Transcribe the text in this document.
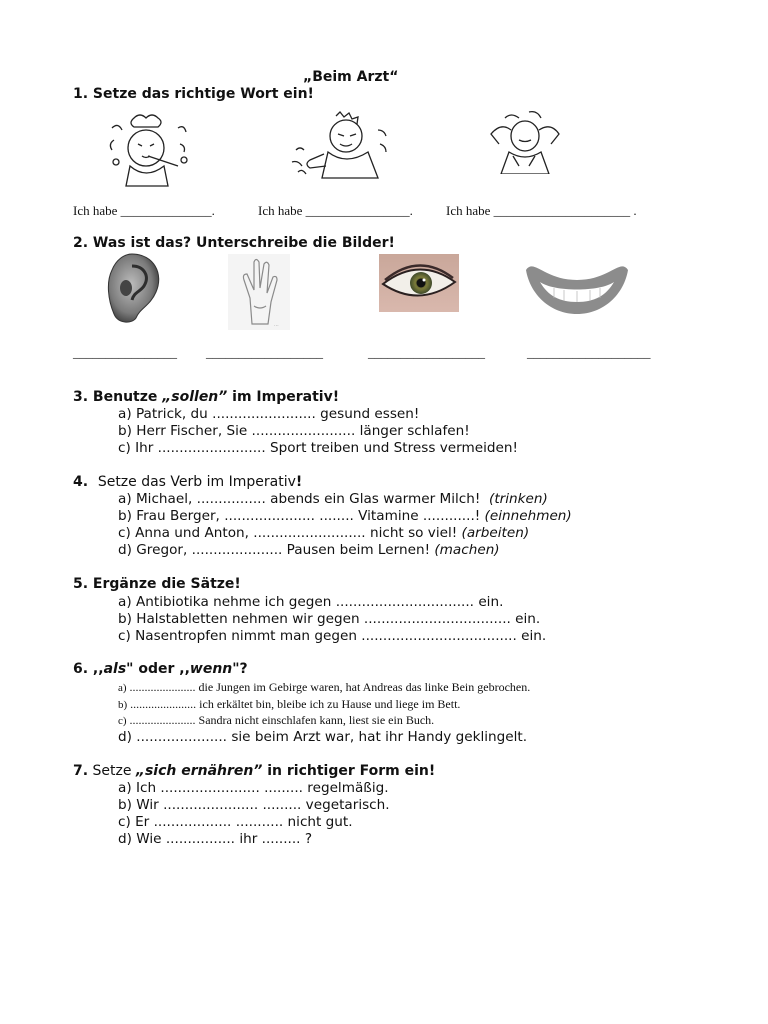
„Beim Arzt“
1. Setze das richtige Wort ein!
Ich habe ______________.	Ich habe ________________.	Ich habe _____________________ .
2. Was ist das? Unterschreibe die Bilder!
...
________________ __________________	__________________	___________________
3. Benutze „sollen” im Imperativ!
a) Patrick, du ........................ gesund essen!
b) Herr Fischer, Sie ........................ länger schlafen!
c) Ihr ......................... Sport treiben und Stress vermeiden!
4. Setze das Verb im Imperativ!
a) Michael, ................ abends ein Glas warmer Milch! (trinken)
b) Frau Berger, ..................... ........ Vitamine ............! (einnehmen)
c) Anna und Anton, .......................... nicht so viel! (arbeiten)
d) Gregor, ..................... Pausen beim Lernen! (machen)
5. Ergänze die Sätze!
a) Antibiotika nehme ich gegen ................................ ein.
b) Halstabletten nehmen wir gegen .................................. ein.
c) Nasentropfen nimmt man gegen .................................... ein.
6. ,,als" oder ,,wenn"?
a) ...................... die Jungen im Gebirge waren, hat Andreas das linke Bein gebrochen.
b) ...................... ich erkältet bin, bleibe ich zu Hause und liege im Bett.
c) ...................... Sandra nicht einschlafen kann, liest sie ein Buch.
d) ..................... sie beim Arzt war, hat ihr Handy geklingelt.
7. Setze „sich ernähren” in richtiger Form ein!
a) Ich ....................... ......... regelmäßig.
b) Wir ...................... ......... vegetarisch.
c) Er .................. ........... nicht gut.
d) Wie ................ ihr ......... ?
